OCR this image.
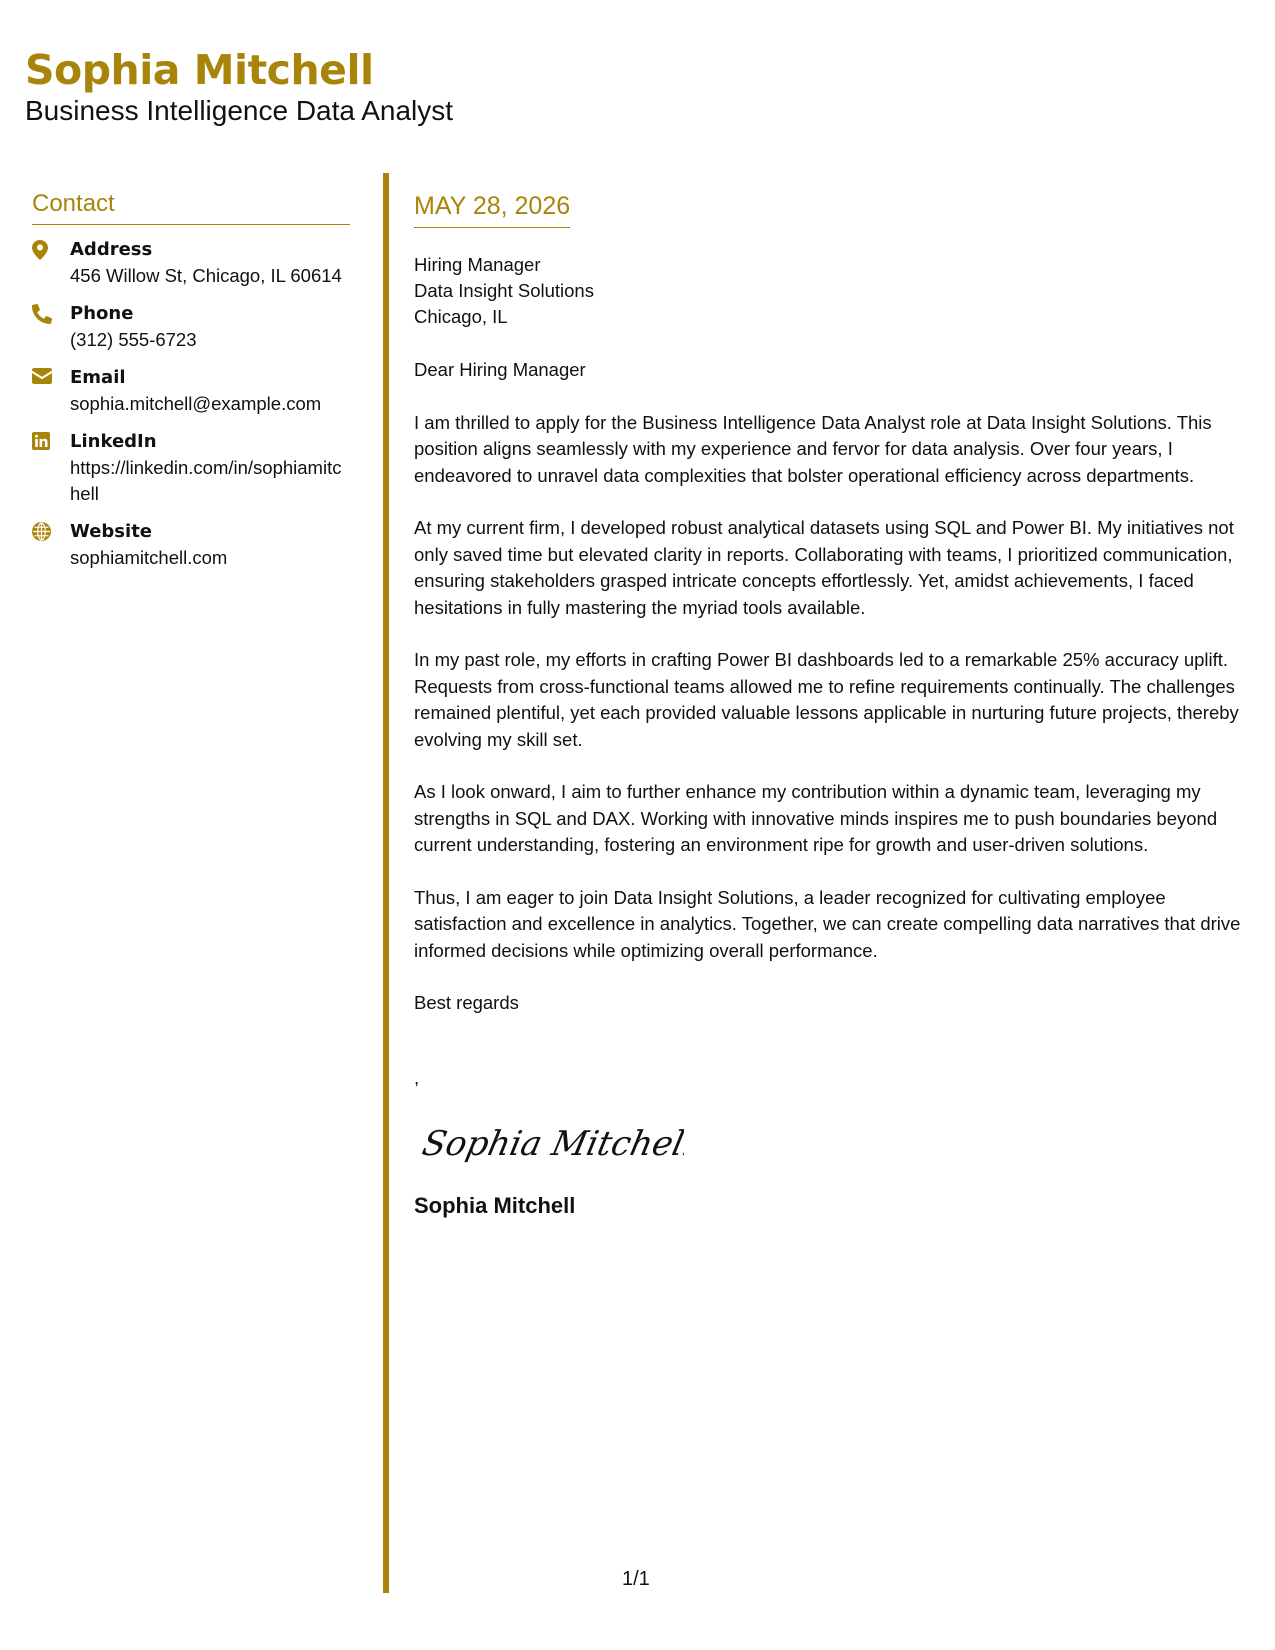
Sophia Mitchell
Business Intelligence Data Analyst
Contact
Address
456 Willow St, Chicago, IL 60614
Phone
(312) 555-6723
Email
sophia.mitchell@example.com
LinkedIn
https://linkedin.com/in/sophiamitchell
Website
sophiamitchell.com
MAY 28, 2026
Hiring Manager
Data Insight Solutions
Chicago, IL
Dear Hiring Manager
I am thrilled to apply for the Business Intelligence Data Analyst role at Data Insight Solutions. This position aligns seamlessly with my experience and fervor for data analysis. Over four years, I endeavored to unravel data complexities that bolster operational efficiency across departments.
At my current firm, I developed robust analytical datasets using SQL and Power BI. My initiatives not only saved time but elevated clarity in reports. Collaborating with teams, I prioritized communication, ensuring stakeholders grasped intricate concepts effortlessly. Yet, amidst achievements, I faced hesitations in fully mastering the myriad tools available.
In my past role, my efforts in crafting Power BI dashboards led to a remarkable 25% accuracy uplift. Requests from cross-functional teams allowed me to refine requirements continually. The challenges remained plentiful, yet each provided valuable lessons applicable in nurturing future projects, thereby evolving my skill set.
As I look onward, I aim to further enhance my contribution within a dynamic team, leveraging my strengths in SQL and DAX. Working with innovative minds inspires me to push boundaries beyond current understanding, fostering an environment ripe for growth and user-driven solutions.
Thus, I am eager to join Data Insight Solutions, a leader recognized for cultivating employee satisfaction and excellence in analytics. Together, we can create compelling data narratives that drive informed decisions while optimizing overall performance.
Best regards
,
Sophia Mitchell
Sophia Mitchell
1/1
